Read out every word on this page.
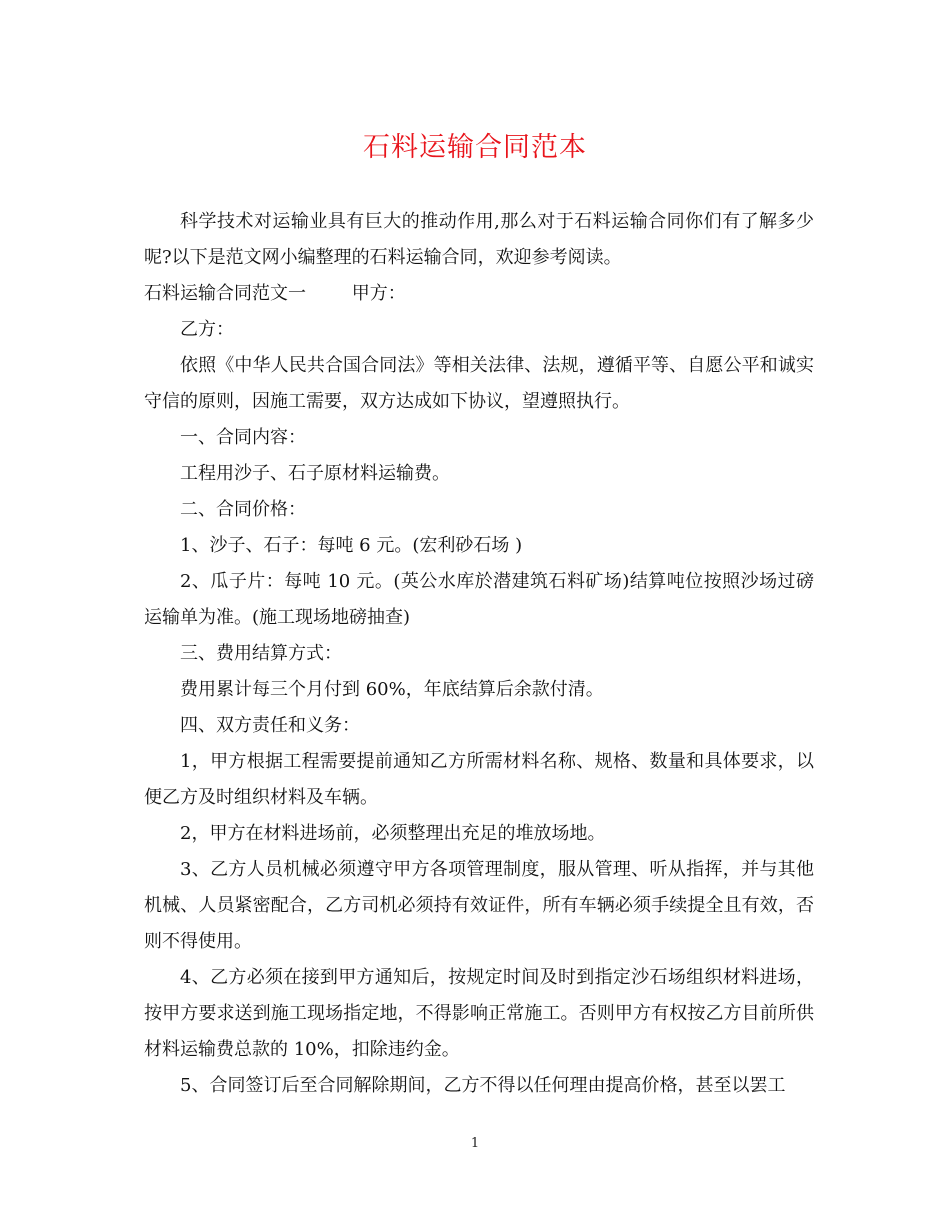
石料运输合同范本

科学技术对运输业具有巨大的推动作用,那么对于石料运输合同你们有了解多少呢?以下是范文网小编整理的石料运输合同，欢迎参考阅读。

石料运输合同范文一        甲方：

乙方：

依照《中华人民共合国合同法》等相关法律、法规，遵循平等、自愿公平和诚实守信的原则，因施工需要，双方达成如下协议，望遵照执行。

一、合同内容：

工程用沙子、石子原材料运输费。

二、合同价格：

1、沙子、石子：每吨 6 元。(宏利砂石场 )

2、瓜子片：每吨 10 元。(英公水库於潜建筑石料矿场)结算吨位按照沙场过磅运输单为准。(施工现场地磅抽查)

三、费用结算方式：

费用累计每三个月付到 60%，年底结算后余款付清。

四、双方责任和义务：

1，甲方根据工程需要提前通知乙方所需材料名称、规格、数量和具体要求，以便乙方及时组织材料及车辆。

2，甲方在材料进场前，必须整理出充足的堆放场地。

3、乙方人员机械必须遵守甲方各项管理制度，服从管理、听从指挥，并与其他机械、人员紧密配合，乙方司机必须持有效证件，所有车辆必须手续提全且有效，否则不得使用。

4、乙方必须在接到甲方通知后，按规定时间及时到指定沙石场组织材料进场，按甲方要求送到施工现场指定地，不得影响正常施工。否则甲方有权按乙方目前所供材料运输费总款的 10%，扣除违约金。

5、合同签订后至合同解除期间，乙方不得以任何理由提高价格，甚至以罢工

1
